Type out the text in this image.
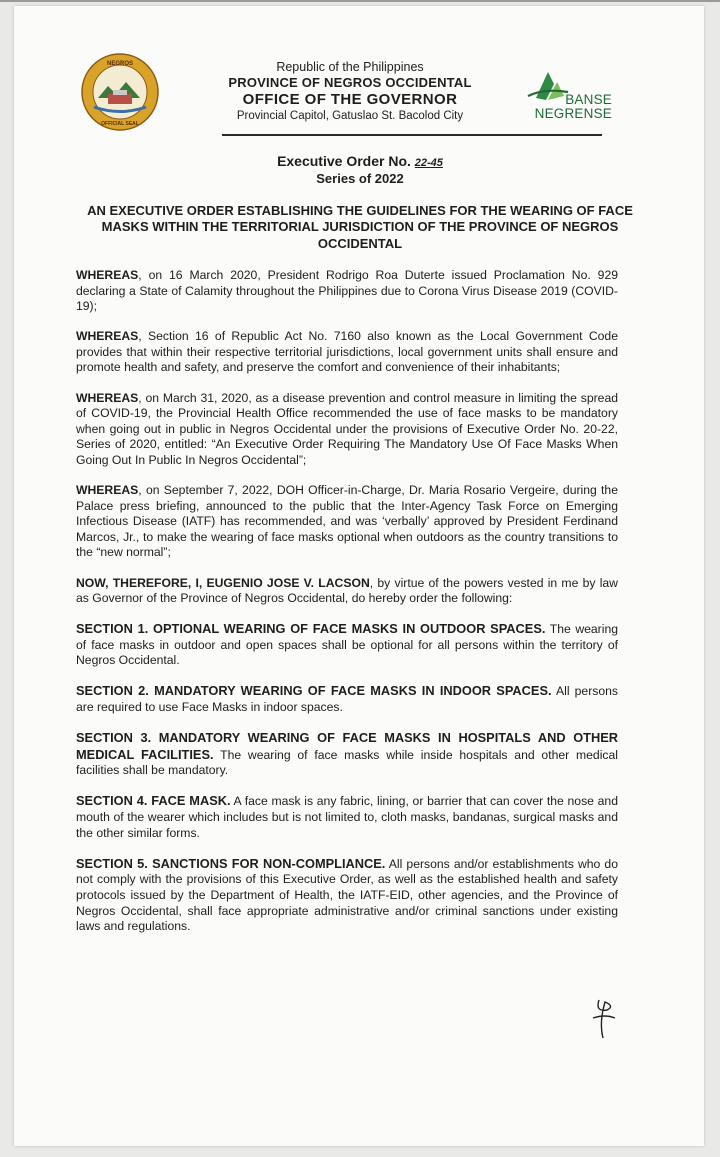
NEGROS
OFFICIAL SEAL
Republic of the Philippines
PROVINCE OF NEGROS OCCIDENTAL
OFFICE OF THE GOVERNOR
Provincial Capitol, Gatuslao St. Bacolod City
BANSE
NEGRENSE
Executive Order No. 22-45
Series of 2022
AN EXECUTIVE ORDER ESTABLISHING THE GUIDELINES FOR THE WEARING OF FACE MASKS WITHIN THE TERRITORIAL JURISDICTION OF THE PROVINCE OF NEGROS OCCIDENTAL

WHEREAS, on 16 March 2020, President Rodrigo Roa Duterte issued Proclamation No. 929 declaring a State of Calamity throughout the Philippines due to Corona Virus Disease 2019 (COVID-19);

WHEREAS, Section 16 of Republic Act No. 7160 also known as the Local Government Code provides that within their respective territorial jurisdictions, local government units shall ensure and promote health and safety, and preserve the comfort and convenience of their inhabitants;

WHEREAS, on March 31, 2020, as a disease prevention and control measure in limiting the spread of COVID-19, the Provincial Health Office recommended the use of face masks to be mandatory when going out in public in Negros Occidental under the provisions of Executive Order No. 20-22, Series of 2020, entitled: “An Executive Order Requiring The Mandatory Use Of Face Masks When Going Out In Public In Negros Occidental”;

WHEREAS, on September 7, 2022, DOH Officer-in-Charge, Dr. Maria Rosario Vergeire, during the Palace press briefing, announced to the public that the Inter-Agency Task Force on Emerging Infectious Disease (IATF) has recommended, and was ‘verbally’ approved by President Ferdinand Marcos, Jr., to make the wearing of face masks optional when outdoors as the country transitions to the “new normal”;

NOW, THEREFORE, I, EUGENIO JOSE V. LACSON, by virtue of the powers vested in me by law as Governor of the Province of Negros Occidental, do hereby order the following:

SECTION 1. OPTIONAL WEARING OF FACE MASKS IN OUTDOOR SPACES. The wearing of face masks in outdoor and open spaces shall be optional for all persons within the territory of Negros Occidental.

SECTION 2. MANDATORY WEARING OF FACE MASKS IN INDOOR SPACES. All persons are required to use Face Masks in indoor spaces.

SECTION 3. MANDATORY WEARING OF FACE MASKS IN HOSPITALS AND OTHER MEDICAL FACILITIES. The wearing of face masks while inside hospitals and other medical facilities shall be mandatory.

SECTION 4. FACE MASK. A face mask is any fabric, lining, or barrier that can cover the nose and mouth of the wearer which includes but is not limited to, cloth masks, bandanas, surgical masks and the other similar forms.

SECTION 5. SANCTIONS FOR NON-COMPLIANCE. All persons and/or establishments who do not comply with the provisions of this Executive Order, as well as the established health and safety protocols issued by the Department of Health, the IATF-EID, other agencies, and the Province of Negros Occidental, shall face appropriate administrative and/or criminal sanctions under existing laws and regulations.
